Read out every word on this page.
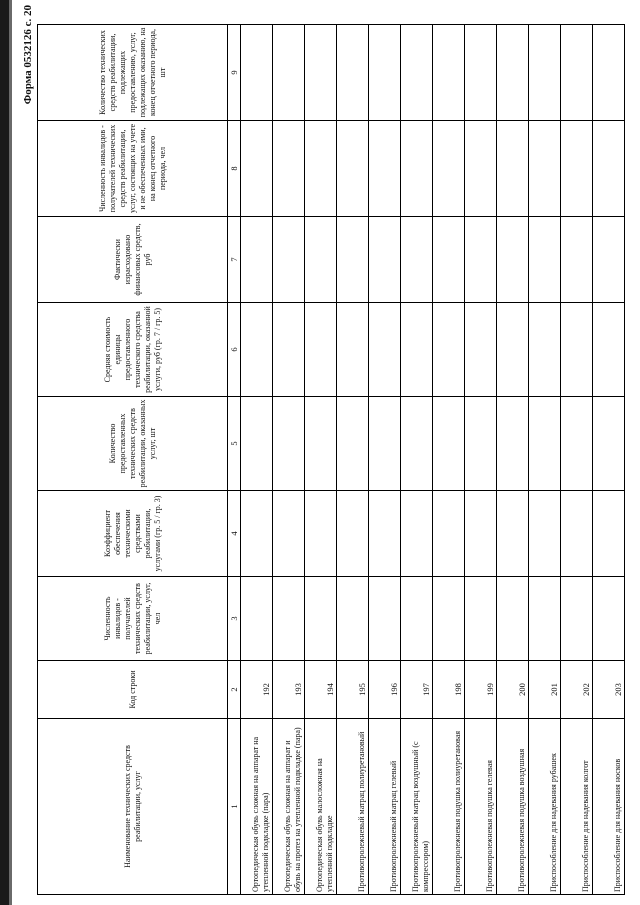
Форма 0532126 с. 20
Наименование технических средств реабилитации, услуг	Код строки	Численность инвалидов - получателей технических средств реабилитации, услуг, чел	Коэффициент обеспечения техническими средствами реабилитации, услугами (гр. 5 / гр. 3)	Количество предоставленных технических средств реабилитации, оказанных услуг, шт	Средняя стоимость единицы предоставленного технического средства реабилитации, оказанной услуги, руб (гр. 7 / гр. 5)	Фактически израсходовано финансовых средств, руб	Численность инвалидов - получателей технических средств реабилитации, услуг, состоящих на учете и не обеспеченных ими, на конец отчетного периода, чел	Количество технических средств реабилитации, подлежащих предоставлению, услуг, подлежащих оказанию, на конец отчетного периода, шт
1	2	3	4	5	6	7	8	9
Ортопедическая обувь сложная на аппарат на утепленной подкладке (пара)	192							
Ортопедическая обувь сложная на аппарат и обувь на протез на утепленной подкладке (пара)	193							
Ортопедическая обувь малосложная на утепленной подкладке	194							
Противопролежневый матрац полиуретановый	195							
Противопролежневый матрац гелевый	196							
Противопролежневый матрац воздушный (с компрессором)	197							
Противопролежневая подушка полиуретановая	198							
Противопролежневая подушка гелевая	199							
Противопролежневая подушка воздушная	200							
Приспособление для надевания рубашек	201							
Приспособление для надевания колгот	202							
Приспособление для надевания носков	203							
